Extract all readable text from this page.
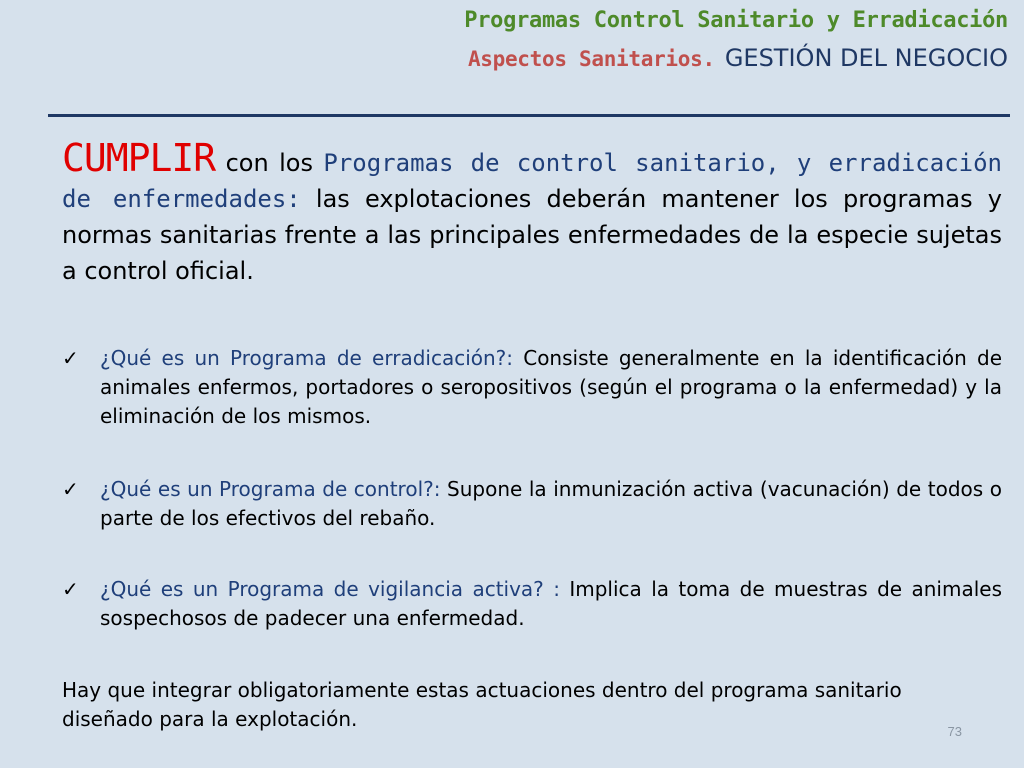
Programas Control Sanitario y Erradicación
Aspectos Sanitarios. GESTIÓN DEL NEGOCIO
CUMPLIR con los Programas de control sanitario, y erradicación de enfermedades: las explotaciones deberán mantener los programas y normas sanitarias frente a las principales enfermedades de la especie sujetas a control oficial.
✓ ¿Qué es un Programa de erradicación?: Consiste generalmente en la identificación de animales enfermos, portadores o seropositivos (según el programa o la enfermedad) y la eliminación de los mismos.
✓ ¿Qué es un Programa de control?: Supone la inmunización activa (vacunación) de todos o parte de los efectivos del rebaño.
✓ ¿Qué es un Programa de vigilancia activa? : Implica la toma de muestras de animales sospechosos de padecer una enfermedad.
Hay que integrar obligatoriamente estas actuaciones dentro del programa sanitario diseñado para la explotación.
73
